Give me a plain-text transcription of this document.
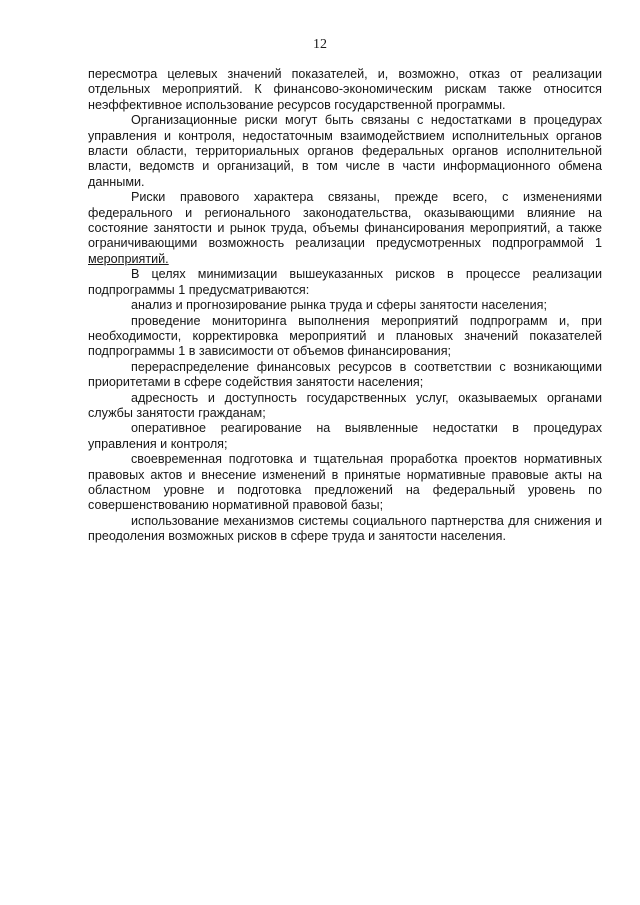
12

пересмотра целевых значений показателей, и, возможно, отказ от реализации отдельных мероприятий. К финансово-экономическим рискам также относится неэффективное использование ресурсов государственной программы.

Организационные риски могут быть связаны с недостатками в процедурах управления и контроля, недостаточным взаимодействием исполнительных органов власти области, территориальных органов федеральных органов исполнительной власти, ведомств и организаций, в том числе в части информационного обмена данными.

Риски правового характера связаны, прежде всего, с изменениями федерального и регионального законодательства, оказывающими влияние на состояние занятости и рынок труда, объемы финансирования мероприятий, а также ограничивающими возможность реализации предусмотренных подпрограммой 1 мероприятий.

В целях минимизации вышеуказанных рисков в процессе реализации подпрограммы 1 предусматриваются:

анализ и прогнозирование рынка труда и сферы занятости населения;

проведение мониторинга выполнения мероприятий подпрограмм и, при необходимости, корректировка мероприятий и плановых значений показателей подпрограммы 1 в зависимости от объемов финансирования;

перераспределение финансовых ресурсов в соответствии с возникающими приоритетами в сфере содействия занятости населения;

адресность и доступность государственных услуг, оказываемых органами службы занятости гражданам;

оперативное реагирование на выявленные недостатки в процедурах управления и контроля;

своевременная подготовка и тщательная проработка проектов нормативных правовых актов и внесение изменений в принятые нормативные правовые акты на областном уровне и подготовка предложений на федеральный уровень по совершенствованию нормативной правовой базы;

использование механизмов системы социального партнерства для снижения и преодоления возможных рисков в сфере труда и занятости населения.
